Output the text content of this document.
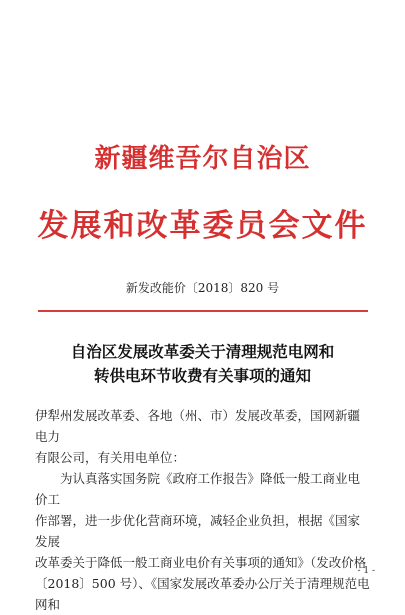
新疆维吾尔自治区
发展和改革委员会文件
新发改能价〔2018〕820 号
自治区发展改革委关于清理规范电网和
转供电环节收费有关事项的通知

伊犁州发展改革委、各地（州、市）发展改革委，国网新疆电力

有限公司，有关用电单位：

为认真落实国务院《政府工作报告》降低一般工商业电价工

作部署，进一步优化营商环境，减轻企业负担，根据《国家发展

改革委关于降低一般工商业电价有关事项的通知》（发改价格

〔2018〕500 号）、《国家发展改革委办公厅关于清理规范电网和

- 1 -
